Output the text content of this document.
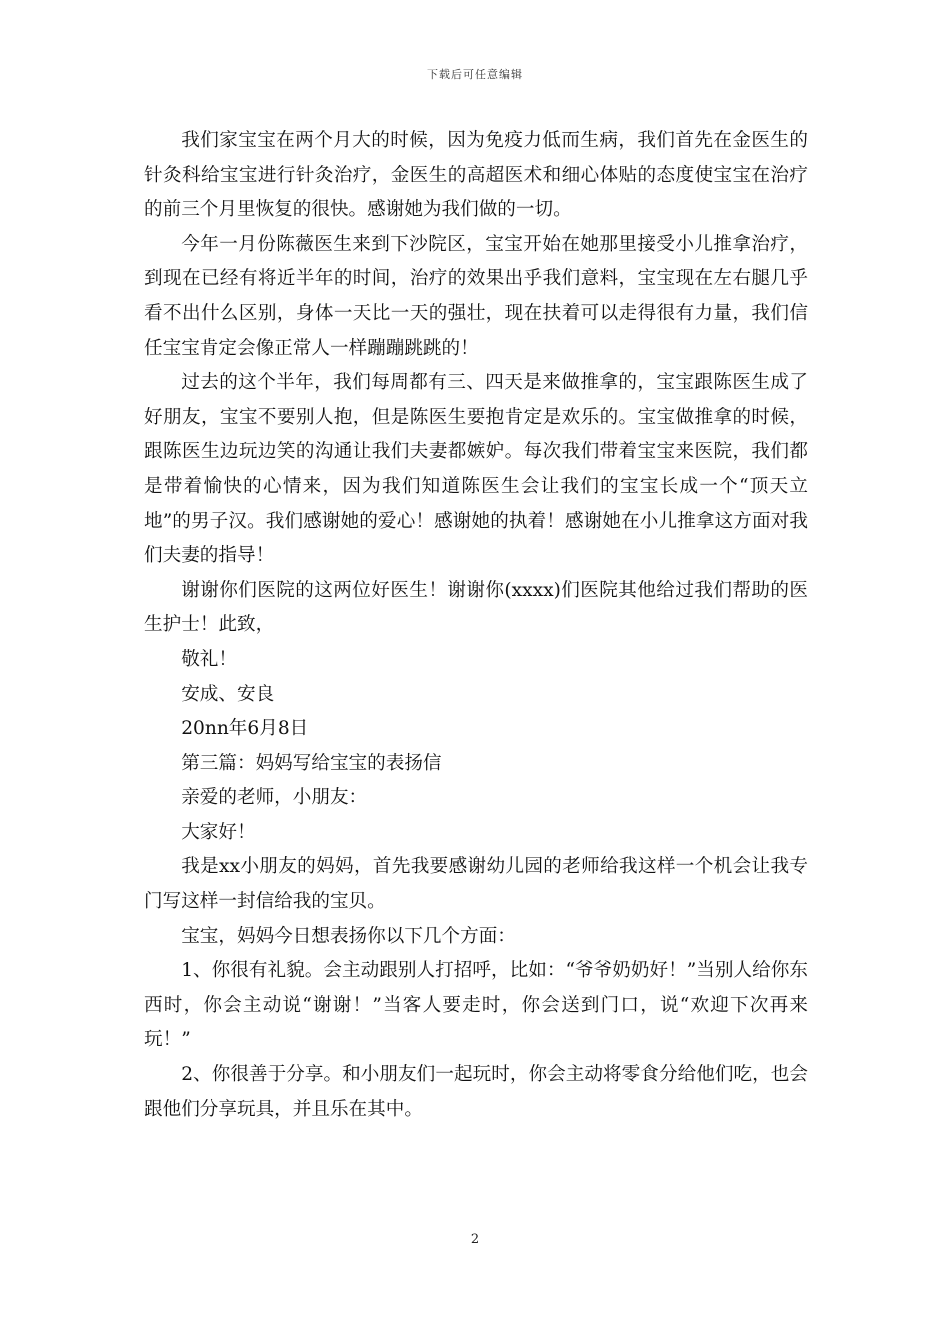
下载后可任意编辑

我们家宝宝在两个月大的时候，因为免疫力低而生病，我们首先在金医生的针灸科给宝宝进行针灸治疗，金医生的高超医术和细心体贴的态度使宝宝在治疗的前三个月里恢复的很快。感谢她为我们做的一切。

今年一月份陈薇医生来到下沙院区，宝宝开始在她那里接受小儿推拿治疗，到现在已经有将近半年的时间，治疗的效果出乎我们意料，宝宝现在左右腿几乎看不出什么区别，身体一天比一天的强壮，现在扶着可以走得很有力量，我们信任宝宝肯定会像正常人一样蹦蹦跳跳的！

过去的这个半年，我们每周都有三、四天是来做推拿的，宝宝跟陈医生成了好朋友，宝宝不要别人抱，但是陈医生要抱肯定是欢乐的。宝宝做推拿的时候，跟陈医生边玩边笑的沟通让我们夫妻都嫉妒。每次我们带着宝宝来医院，我们都是带着愉快的心情来，因为我们知道陈医生会让我们的宝宝长成一个“顶天立地”的男子汉。我们感谢她的爱心！感谢她的执着！感谢她在小儿推拿这方面对我们夫妻的指导！

谢谢你们医院的这两位好医生！谢谢你(xxxx)们医院其他给过我们帮助的医生护士！此致，

敬礼！

安成、安良

20nn年6月8日

第三篇：妈妈写给宝宝的表扬信

亲爱的老师，小朋友：

大家好！

我是xx小朋友的妈妈，首先我要感谢幼儿园的老师给我这样一个机会让我专门写这样一封信给我的宝贝。

宝宝，妈妈今日想表扬你以下几个方面：

1、你很有礼貌。会主动跟别人打招呼，比如：“爷爷奶奶好！”当别人给你东西时，你会主动说“谢谢！”当客人要走时，你会送到门口，说“欢迎下次再来玩！”

2、你很善于分享。和小朋友们一起玩时，你会主动将零食分给他们吃，也会跟他们分享玩具，并且乐在其中。

2
